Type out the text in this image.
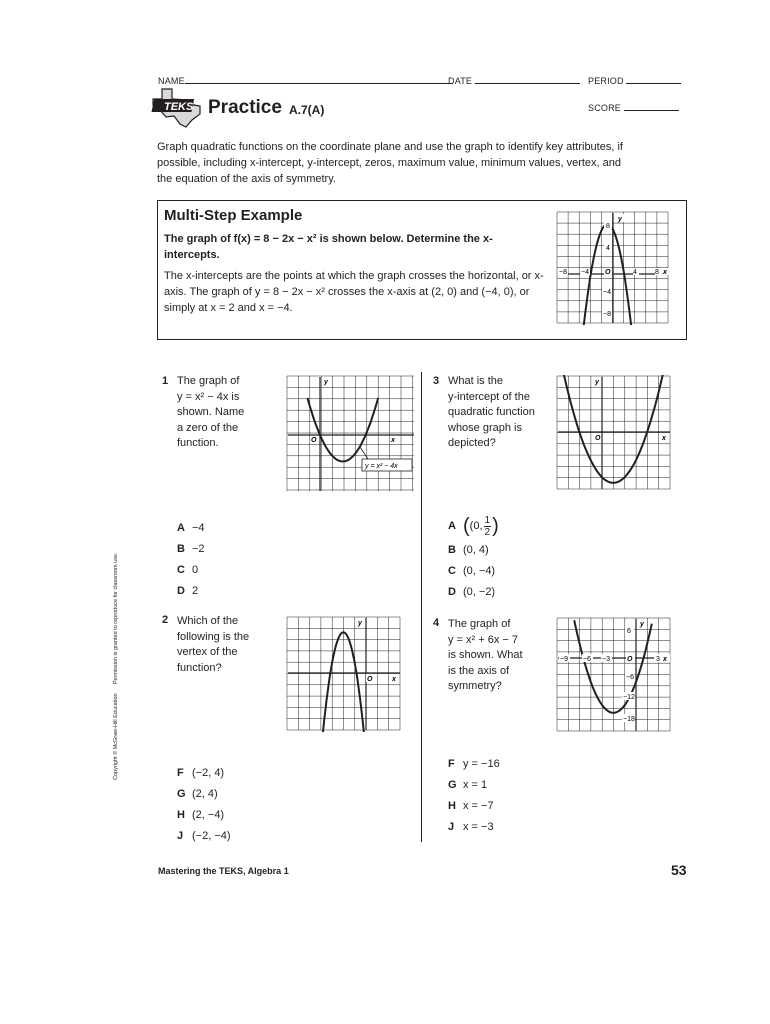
NAME	DATE	PERIOD
SCORE
TEKS Practice A.7(A)
Graph quadratic functions on the coordinate plane and use the graph to identify key attributes, if possible, including x-intercept, y-intercept, zeros, maximum value, minimum values, vertex, and the equation of the axis of symmetry.
Multi-Step Example
The graph of f(x) = 8 − 2x − x² is shown below. Determine the x-intercepts.
The x-intercepts are the points at which the graph crosses the horizontal, or x-axis. The graph of y = 8 − 2x − x² crosses the x-axis at (2, 0) and (−4, 0), or simply at x = 2 and x = −4.
y
8
4
−4
−8
−8 −4 O	4	8 x
1 The graph of
y = x² − 4x is
shown. Name
a zero of the
function.
y
O	x
y = x² − 4x
A −4
B −2
C 0
D 2
2 Which of the
following is the
vertex of the
function?
y
O	x
F (−2, 4)
G (2, 4)
H (2, −4)
J (−2, −4)
3 What is the
y-intercept of the
quadratic function
whose graph is
depicted?
y
O	x
A ( (0, 1
2 )
B (0, 4)
C (0, −4)
D (0, −2)
4 The graph of
y = x² + 6x − 7
is shown. What
is the axis of
symmetry?
y
6
−6
−12
−18
−9 −6 −3 O	3 x
F y = −16
G x = 1
H x = −7
J x = −3
Copyright © McGraw-Hill Education      Permission is granted to reproduce for classroom use.
Mastering the TEKS, Algebra 1	53
